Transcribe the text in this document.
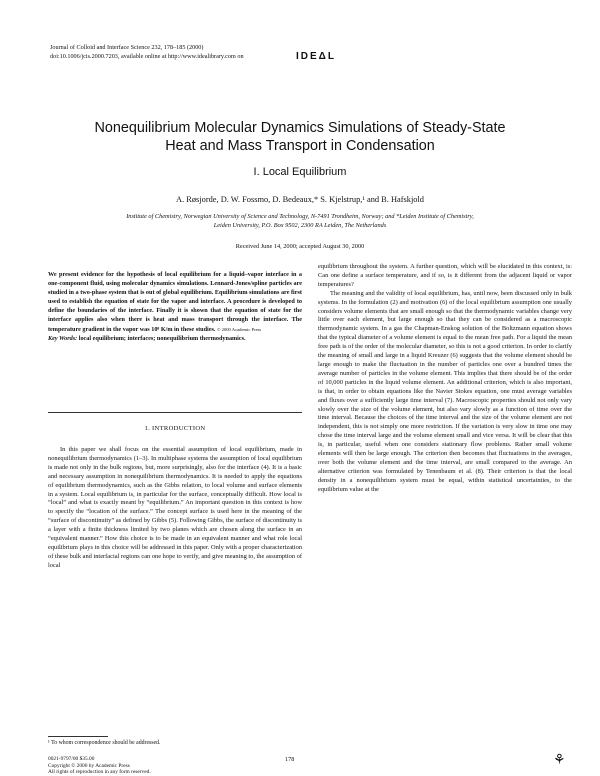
Journal of Colloid and Interface Science 232, 178–185 (2000)
doi:10.1006/jcis.2000.7203, available online at http://www.idealibrary.com on	IDEΔL
Nonequilibrium Molecular Dynamics Simulations of Steady-State
Heat and Mass Transport in Condensation
I. Local Equilibrium
A. Røsjorde, D. W. Fossmo, D. Bedeaux,* S. Kjelstrup,¹ and B. Hafskjold
Institute of Chemistry, Norwegian University of Science and Technology, N-7491 Trondheim, Norway; and *Leiden Institute of Chemistry,
Leiden University, P.O. Box 9502, 2300 RA Leiden, The Netherlands
Received June 14, 2000; accepted August 30, 2000
We present evidence for the hypothesis of local equilibrium for a liquid–vapor interface in a one-component fluid, using molecular dynamics simulations. Lennard-Jones/spline particles are studied in a two-phase system that is out of global equilibrium. Equilibrium simulations are first used to establish the equation of state for the vapor and interface. A procedure is developed to define the boundaries of the interface. Finally it is shown that the equation of state for the interface applies also when there is heat and mass transport through the interface. The temperature gradient in the vapor was 10⁸ K/m in these studies. © 2000 Academic Press
Key Words: local equilibrium; interfaces; nonequilibrium thermodynamics.
1. INTRODUCTION
In this paper we shall focus on the essential assumption of local equilibrium, made in nonequilibrium thermodynamics (1–3). In multiphase systems the assumption of local equilibrium is made not only in the bulk regions, but, more surprisingly, also for the interface (4). It is a basic and necessary assumption in nonequilibrium thermodynamics. It is needed to apply the equations of equilibrium thermodynamics, such as the Gibbs relation, to local volume and surface elements in a system. Local equilibrium is, in particular for the surface, conceptually difficult. How local is “local” and what is exactly meant by “equilibrium.” An important question in this context is how to specify the “location of the surface.” The concept surface is used here in the meaning of the “surface of discontinuity” as defined by Gibbs (5). Following Gibbs, the surface of discontinuity is a layer with a finite thickness limited by two planes which are chosen along the surface in an “equivalent manner.” How this choice is to be made in an equivalent manner and what role local equilibrium plays in this choice will be addressed in this paper. Only with a proper characterization of these bulk and interfacial regions can one hope to verify, and give meaning to, the assumption of local

equilibrium throughout the system. A further question, which will be elucidated in this context, is: Can one define a surface temperature, and if so, is it different from the adjacent liquid or vapor temperatures?

The meaning and the validity of local equilibrium, has, until now, been discussed only in bulk systems. In the formulation (2) and motivation (6) of the local equilibrium assumption one usually considers volume elements that are small enough so that the thermodynamic variables change very little over each element, but large enough so that they can be considered as a macroscopic thermodynamic system. In a gas the Chapman-Enskog solution of the Boltzmann equation shows that the typical diameter of a volume element is equal to the mean free path. For a liquid the mean free path is of the order of the molecular diameter, so this is not a good criterion. In order to clarify the meaning of small and large in a liquid Kreuzer (6) suggests that the volume element should be large enough to make the fluctuation in the number of particles one over a hundred times the average number of particles in the volume element. This implies that there should be of the order of 10,000 particles in the liquid volume element. An additional criterion, which is also important, is that, in order to obtain equations like the Navier Stokes equation, one must average variables and fluxes over a sufficiently large time interval (7). Macroscopic properties should not only vary slowly over the size of the volume element, but also vary slowly as a function of time over the time interval. Because the choices of the time interval and the size of the volume element are not independent, this is not simply one more restriction. If the variation is very slow in time one may chose the time interval large and the volume element small and vice versa. It will be clear that this is, in particular, useful when one considers stationary flow problems. Rather small volume elements will then be large enough. The criterion then becomes that fluctuations in the averages, over both the volume element and the time interval, are small compared to the average. An alternative criterion was formulated by Tenenbaum et al. (8). Their criterion is that the local density in a nonequilibrium system must be equal, within statistical uncertainties, to the equilibrium value at the

¹ To whom correspondence should be addressed.
0021-9797/00 $35.00
Copyright © 2000 by Academic Press
All rights of reproduction in any form reserved.
178	⚘
